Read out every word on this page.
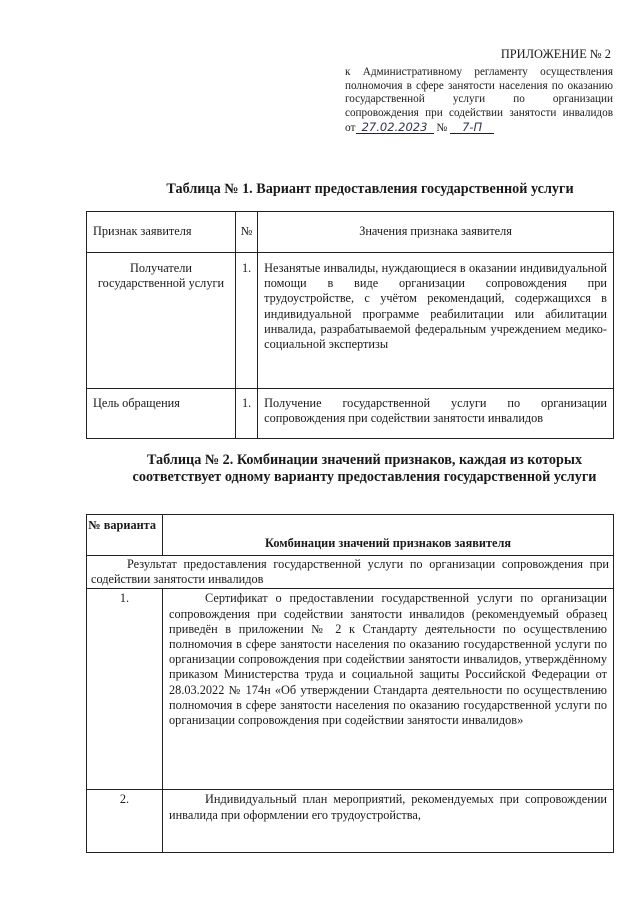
ПРИЛОЖЕНИЕ № 2
к Административному регламенту осуществления полномочия в сфере занятости населения по оказанию государственной услуги по организации сопровождения при содействии занятости инвалидов
от 27.02.2023 № 7-П
Таблица № 1. Вариант предоставления государственной услуги
Признак заявителя	№	Значения признака заявителя
Получатели государственной услуги	1.	Незанятые инвалиды, нуждающиеся в оказании индивидуальной помощи в виде организации сопровождения при трудоустройстве, с учётом рекомендаций, содержащихся в индивидуальной программе реабилитации или абилитации инвалида, разрабатываемой федеральным учреждением медико-социальной экспертизы
Цель обращения	1.	Получение государственной услуги по организации сопровождения при содействии занятости инвалидов
Таблица № 2. Комбинации значений признаков, каждая из которых соответствует одному варианту предоставления государственной услуги
№ варианта	Комбинации значений признаков заявителя
Результат предоставления государственной услуги по организации сопровождения при содействии занятости инвалидов	
1.	Сертификат о предоставлении государственной услуги по организации сопровождения при содействии занятости инвалидов (рекомендуемый образец приведён в приложении № 2 к Стандарту деятельности по осуществлению полномочия в сфере занятости населения по оказанию государственной услуги по организации сопровождения при содействии занятости инвалидов, утверждённому приказом Министерства труда и социальной защиты Российской Федерации от 28.03.2022 № 174н «Об утверждении Стандарта деятельности по осуществлению полномочия в сфере занятости населения по оказанию государственной услуги по организации сопровождения при содействии занятости инвалидов»
2.	Индивидуальный план мероприятий, рекомендуемых при сопровождении инвалида при оформлении его трудоустройства,
